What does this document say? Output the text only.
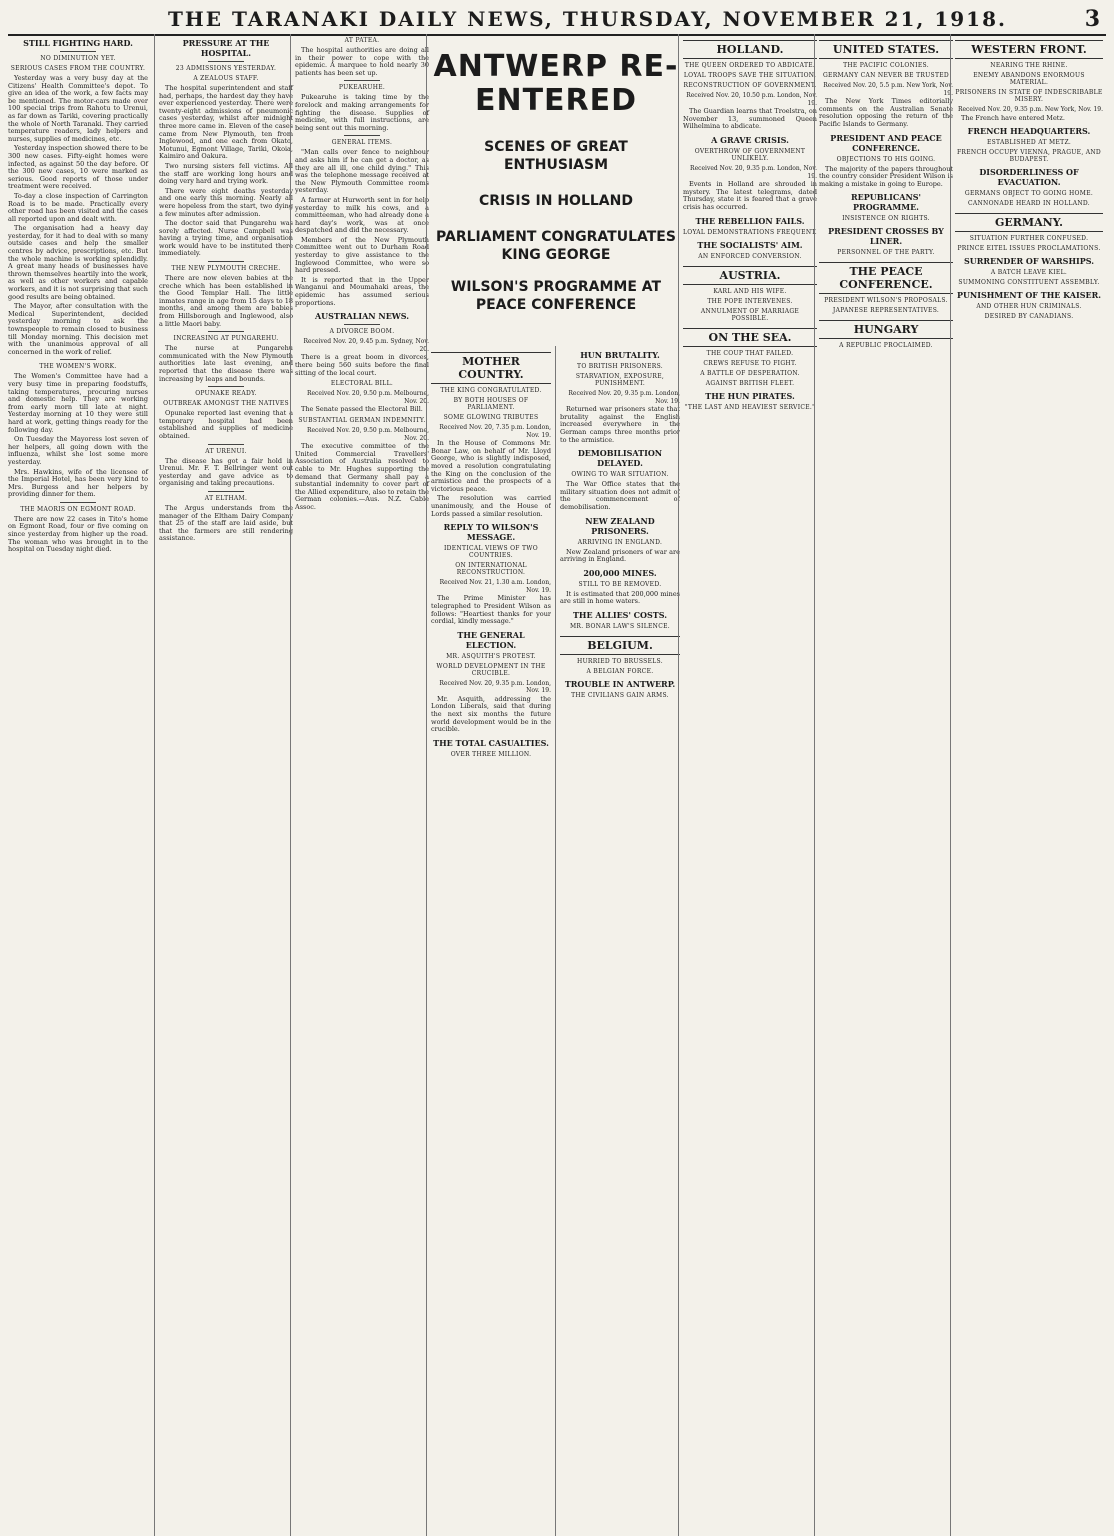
THE TARANAKI DAILY NEWS, THURSDAY, NOVEMBER 21, 1918.	3
STILL FIGHTING HARD.
NO DIMINUTION YET.
SERIOUS CASES FROM THE COUNTRY.

Yesterday was a very busy day at the Citizens' Health Committee's depot. To give an idea of the work, a few facts may be mentioned. The motor-cars made over 100 special trips from Rahotu to Urenui, as far down as Tariki, covering practically the whole of North Taranaki. They carried temperature readers, lady helpers and nurses, supplies of medicines, etc.

Yesterday inspection showed there to be 300 new cases. Fifty-eight homes were infected, as against 50 the day before. Of the 300 new cases, 10 were marked as serious. Good reports of those under treatment were received.

To-day a close inspection of Carrington Road is to be made. Practically every other road has been visited and the cases all reported upon and dealt with.

The organisation had a heavy day yesterday, for it had to deal with so many outside cases and help the smaller centres by advice, prescriptions, etc. But the whole machine is working splendidly. A great many heads of businesses have thrown themselves heartily into the work, as well as other workers and capable workers, and it is not surprising that such good results are being obtained.

The Mayor, after consultation with the Medical Superintendent, decided yesterday morning to ask the townspeople to remain closed to business till Monday morning. This decision met with the unanimous approval of all concerned in the work of relief.

THE WOMEN'S WORK.

The Women's Committee have had a very busy time in preparing foodstuffs, taking temperatures, procuring nurses and domestic help. They are working from early morn till late at night. Yesterday morning at 10 they were still hard at work, getting things ready for the following day.

On Tuesday the Mayoress lost seven of her helpers, all going down with the influenza, whilst she lost some more yesterday.

Mrs. Hawkins, wife of the licensee of the Imperial Hotel, has been very kind to Mrs. Burgess and her helpers by providing dinner for them.

THE MAORIS ON EGMONT ROAD.

There are now 22 cases in Tito's home on Egmont Road, four or five coming on since yesterday from higher up the road. The woman who was brought in to the hospital on Tuesday night died.

PRESSURE AT THE HOSPITAL.
23 ADMISSIONS YESTERDAY.
A ZEALOUS STAFF.

The hospital superintendent and staff had, perhaps, the hardest day they have ever experienced yesterday. There were twenty-eight admissions of pneumonic cases yesterday, whilst after midnight three more came in. Eleven of the cases came from New Plymouth, ten from Inglewood, and one each from Okato, Motunui, Egmont Village, Tariki, Okoia, Kaimiro and Oakura.

Two nursing sisters fell victims. All the staff are working long hours and doing very hard and trying work.

There were eight deaths yesterday and one early this morning. Nearly all were hopeless from the start, two dying a few minutes after admission.

The doctor said that Pungarehu was sorely affected. Nurse Campbell was having a trying time, and organisation work would have to be instituted there immediately.

THE NEW PLYMOUTH CRECHE.

There are now eleven babies at the creche which has been established in the Good Templar Hall. The little inmates range in age from 15 days to 18 months, and among them are babies from Hillsborough and Inglewood, also a little Maori baby.

INCREASING AT PUNGAREHU.

The nurse at Pungarehu communicated with the New Plymouth authorities late last evening, and reported that the disease there was increasing by leaps and bounds.

OPUNAKE READY.
OUTBREAK AMONGST THE NATIVES

Opunake reported last evening that a temporary hospital had been established and supplies of medicine obtained.

AT URENUI.

The disease has got a fair hold in Urenui. Mr. F. T. Bellringer went out yesterday and gave advice as to organising and taking precautions.

AT ELTHAM.

The Argus understands from the manager of the Eltham Dairy Company that 25 of the staff are laid aside, but that the farmers are still rendering assistance.

AT PATEA.

The hospital authorities are doing all in their power to cope with the epidemic. A marquee to hold nearly 30 patients has been set up.

PUKEARUHE.

Pukearuhe is taking time by the forelock and making arrangements for fighting the disease. Supplies of medicine, with full instructions, are being sent out this morning.

GENERAL ITEMS.

"Man calls over fence to neighbour and asks him if he can get a doctor, as they are all ill, one child dying." This was the telephone message received at the New Plymouth Committee rooms yesterday.

A farmer at Hurworth sent in for help yesterday to milk his cows, and a committeeman, who had already done a hard day's work, was at once despatched and did the necessary.

Members of the New Plymouth Committee went out to Durham Road yesterday to give assistance to the Inglewood Committee, who were so hard pressed.

It is reported that in the Upper Wanganui and Moumahaki areas, the epidemic has assumed serious proportions.

AUSTRALIAN NEWS.
A DIVORCE BOOM.
Received Nov. 20, 9.45 p.m. Sydney, Nov. 20.

There is a great boom in divorces, there being 560 suits before the final sitting of the local court.

ELECTORAL BILL.
Received Nov. 20, 9.50 p.m. Melbourne, Nov. 20.

The Senate passed the Electoral Bill.

SUBSTANTIAL GERMAN INDEMNITY.
Received Nov. 20, 9.50 p.m. Melbourne, Nov. 20.

The executive committee of the United Commercial Travellers' Association of Australia resolved to cable to Mr. Hughes supporting the demand that Germany shall pay a substantial indemnity to cover part of the Allied expenditure, also to retain the German colonies.—Aus. N.Z. Cable Assoc.

ANTWERP RE-ENTERED
SCENES OF GREAT ENTHUSIASM
CRISIS IN HOLLAND
PARLIAMENT CONGRATULATES KING GEORGE
WILSON'S PROGRAMME AT PEACE CONFERENCE
MOTHER COUNTRY.
THE KING CONGRATULATED.
BY BOTH HOUSES OF PARLIAMENT.
SOME GLOWING TRIBUTES
Received Nov. 20, 7.35 p.m. London, Nov. 19.

In the House of Commons Mr. Bonar Law, on behalf of Mr. Lloyd George, who is slightly indisposed, moved a resolution congratulating the King on the conclusion of the armistice and the prospects of a victorious peace.

The resolution was carried unanimously, and the House of Lords passed a similar resolution.

REPLY TO WILSON'S MESSAGE.
IDENTICAL VIEWS OF TWO COUNTRIES.
ON INTERNATIONAL RECONSTRUCTION.
Received Nov. 21, 1.30 a.m. London, Nov. 19.

The Prime Minister has telegraphed to President Wilson as follows: "Heartiest thanks for your cordial, kindly message."

THE GENERAL ELECTION.
MR. ASQUITH'S PROTEST.
WORLD DEVELOPMENT IN THE CRUCIBLE.
Received Nov. 20, 9.35 p.m. London, Nov. 19.

Mr. Asquith, addressing the London Liberals, said that during the next six months the future world development would be in the crucible.

THE TOTAL CASUALTIES.
OVER THREE MILLION.
HUN BRUTALITY.
TO BRITISH PRISONERS.
STARVATION, EXPOSURE, PUNISHMENT.
Received Nov. 20, 9.35 p.m. London, Nov. 19.

Returned war prisoners state that brutality against the English increased everywhere in the German camps three months prior to the armistice.

DEMOBILISATION DELAYED.
OWING TO WAR SITUATION.

The War Office states that the military situation does not admit of the commencement of demobilisation.

NEW ZEALAND PRISONERS.
ARRIVING IN ENGLAND.

New Zealand prisoners of war are arriving in England.

200,000 MINES.
STILL TO BE REMOVED.

It is estimated that 200,000 mines are still in home waters.

THE ALLIES' COSTS.
MR. BONAR LAW'S SILENCE.
BELGIUM.
HURRIED TO BRUSSELS.
A BELGIAN FORCE.
TROUBLE IN ANTWERP.
THE CIVILIANS GAIN ARMS.
HOLLAND.
THE QUEEN ORDERED TO ABDICATE.
LOYAL TROOPS SAVE THE SITUATION.
RECONSTRUCTION OF GOVERNMENT.
Received Nov. 20, 10.50 p.m. London, Nov. 19.

The Guardian learns that Troelstra, on November 13, summoned Queen Wilhelmina to abdicate.

A GRAVE CRISIS.
OVERTHROW OF GOVERNMENT UNLIKELY.
Received Nov. 20, 9.35 p.m. London, Nov. 19.

Events in Holland are shrouded in mystery. The latest telegrams, dated Thursday, state it is feared that a grave crisis has occurred.

THE REBELLION FAILS.
LOYAL DEMONSTRATIONS FREQUENT.
THE SOCIALISTS' AIM.
AN ENFORCED CONVERSION.
AUSTRIA.
KARL AND HIS WIFE.
THE POPE INTERVENES.
ANNULMENT OF MARRIAGE POSSIBLE.
ON THE SEA.
THE COUP THAT FAILED.
CREWS REFUSE TO FIGHT.
A BATTLE OF DESPERATION.
AGAINST BRITISH FLEET.
THE HUN PIRATES.
"THE LAST AND HEAVIEST SERVICE."
UNITED STATES.
THE PACIFIC COLONIES.
GERMANY CAN NEVER BE TRUSTED
Received Nov. 20, 5.5 p.m. New York, Nov. 19.

The New York Times editorially comments on the Australian Senate resolution opposing the return of the Pacific Islands to Germany.

PRESIDENT AND PEACE CONFERENCE.
OBJECTIONS TO HIS GOING.

The majority of the papers throughout the country consider President Wilson is making a mistake in going to Europe.

REPUBLICANS' PROGRAMME.
INSISTENCE ON RIGHTS.
PRESIDENT CROSSES BY LINER.
PERSONNEL OF THE PARTY.
THE PEACE CONFERENCE.
PRESIDENT WILSON'S PROPOSALS.
JAPANESE REPRESENTATIVES.
HUNGARY
A REPUBLIC PROCLAIMED.
WESTERN FRONT.
NEARING THE RHINE.
ENEMY ABANDONS ENORMOUS MATERIAL.
PRISONERS IN STATE OF INDESCRIBABLE MISERY.
Received Nov. 20, 9.35 p.m. New York, Nov. 19.

The French have entered Metz.

FRENCH HEADQUARTERS.
ESTABLISHED AT METZ.
FRENCH OCCUPY VIENNA, PRAGUE, AND BUDAPEST.
DISORDERLINESS OF EVACUATION.
GERMANS OBJECT TO GOING HOME.
CANNONADE HEARD IN HOLLAND.
GERMANY.
SITUATION FURTHER CONFUSED.
PRINCE EITEL ISSUES PROCLAMATIONS.
SURRENDER OF WARSHIPS.
A BATCH LEAVE KIEL.
SUMMONING CONSTITUENT ASSEMBLY.
PUNISHMENT OF THE KAISER.
AND OTHER HUN CRIMINALS.
DESIRED BY CANADIANS.
